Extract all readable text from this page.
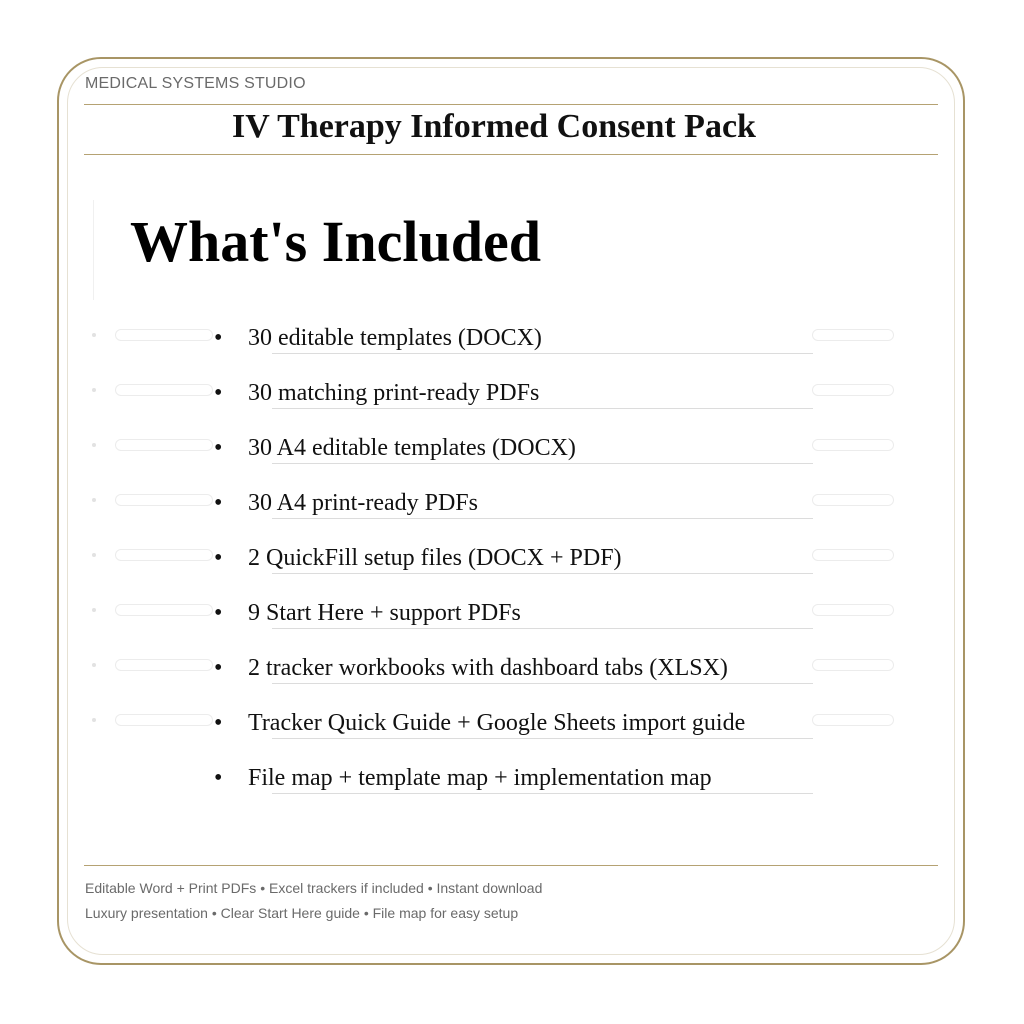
MEDICAL SYSTEMS STUDIO
IV Therapy Informed Consent Pack
What's Included
• 30 editable templates (DOCX)
• 30 matching print-ready PDFs
• 30 A4 editable templates (DOCX)
• 30 A4 print-ready PDFs
• 2 QuickFill setup files (DOCX + PDF)
• 9 Start Here + support PDFs
• 2 tracker workbooks with dashboard tabs (XLSX)
• Tracker Quick Guide + Google Sheets import guide
• File map + template map + implementation map
Editable Word + Print PDFs • Excel trackers if included • Instant download
Luxury presentation • Clear Start Here guide • File map for easy setup
